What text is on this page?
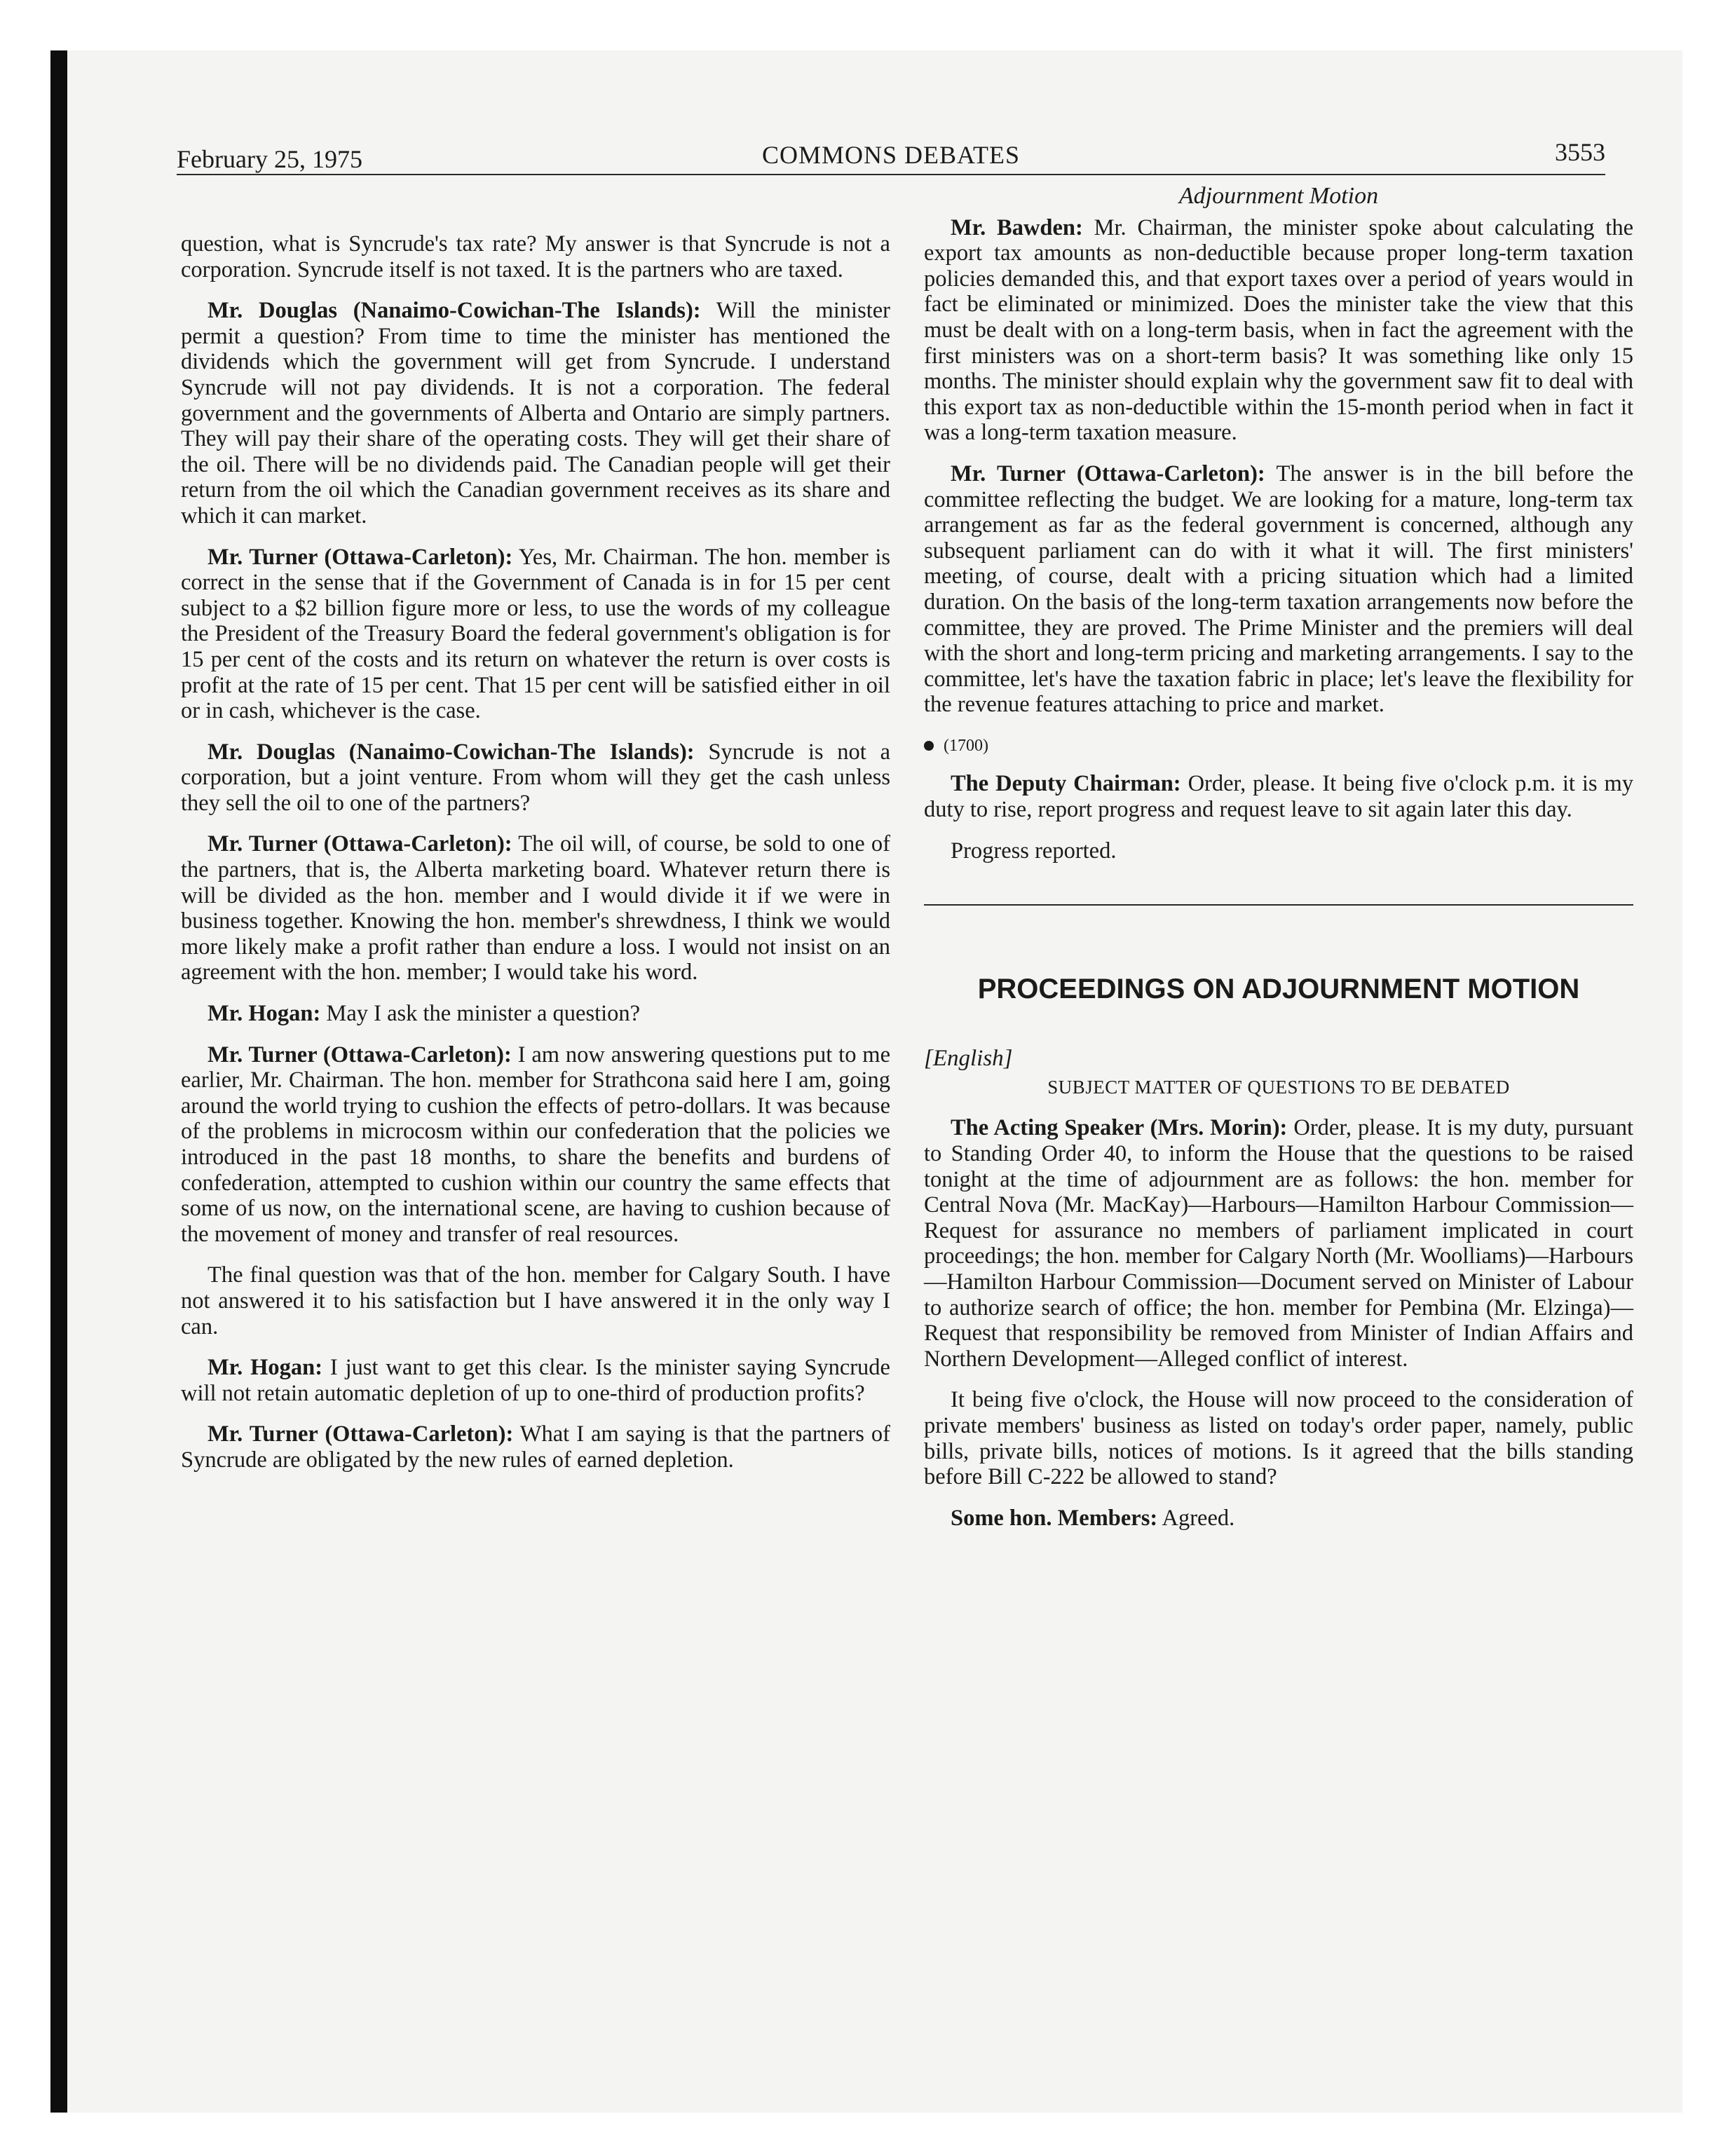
February 25, 1975	COMMONS DEBATES	3553

question, what is Syncrude's tax rate? My answer is that Syncrude is not a corporation. Syncrude itself is not taxed. It is the partners who are taxed.

Mr. Douglas (Nanaimo-Cowichan-The Islands): Will the minister permit a question? From time to time the minister has mentioned the dividends which the government will get from Syncrude. I understand Syncrude will not pay dividends. It is not a corporation. The federal government and the governments of Alberta and Ontario are simply partners. They will pay their share of the operating costs. They will get their share of the oil. There will be no dividends paid. The Canadian people will get their return from the oil which the Canadian government receives as its share and which it can market.

Mr. Turner (Ottawa-Carleton): Yes, Mr. Chairman. The hon. member is correct in the sense that if the Government of Canada is in for 15 per cent subject to a $2 billion figure more or less, to use the words of my colleague the President of the Treasury Board the federal government's obligation is for 15 per cent of the costs and its return on whatever the return is over costs is profit at the rate of 15 per cent. That 15 per cent will be satisfied either in oil or in cash, whichever is the case.

Mr. Douglas (Nanaimo-Cowichan-The Islands): Syncrude is not a corporation, but a joint venture. From whom will they get the cash unless they sell the oil to one of the partners?

Mr. Turner (Ottawa-Carleton): The oil will, of course, be sold to one of the partners, that is, the Alberta marketing board. Whatever return there is will be divided as the hon. member and I would divide it if we were in business together. Knowing the hon. member's shrewdness, I think we would more likely make a profit rather than endure a loss. I would not insist on an agreement with the hon. member; I would take his word.

Mr. Hogan: May I ask the minister a question?

Mr. Turner (Ottawa-Carleton): I am now answering questions put to me earlier, Mr. Chairman. The hon. member for Strathcona said here I am, going around the world trying to cushion the effects of petro-dollars. It was because of the problems in microcosm within our confederation that the policies we introduced in the past 18 months, to share the benefits and burdens of confederation, attempted to cushion within our country the same effects that some of us now, on the international scene, are having to cushion because of the movement of money and transfer of real resources.

The final question was that of the hon. member for Calgary South. I have not answered it to his satisfaction but I have answered it in the only way I can.

Mr. Hogan: I just want to get this clear. Is the minister saying Syncrude will not retain automatic depletion of up to one-third of production profits?

Mr. Turner (Ottawa-Carleton): What I am saying is that the partners of Syncrude are obligated by the new rules of earned depletion.

Adjournment Motion

Mr. Bawden: Mr. Chairman, the minister spoke about calculating the export tax amounts as non-deductible because proper long-term taxation policies demanded this, and that export taxes over a period of years would in fact be eliminated or minimized. Does the minister take the view that this must be dealt with on a long-term basis, when in fact the agreement with the first ministers was on a short-term basis? It was something like only 15 months. The minister should explain why the government saw fit to deal with this export tax as non-deductible within the 15-month period when in fact it was a long-term taxation measure.

Mr. Turner (Ottawa-Carleton): The answer is in the bill before the committee reflecting the budget. We are looking for a mature, long-term tax arrangement as far as the federal government is concerned, although any subsequent parliament can do with it what it will. The first ministers' meeting, of course, dealt with a pricing situation which had a limited duration. On the basis of the long-term taxation arrangements now before the committee, they are proved. The Prime Minister and the premiers will deal with the short and long-term pricing and marketing arrangements. I say to the committee, let's have the taxation fabric in place; let's leave the flexibility for the revenue features attaching to price and market.

(1700)

The Deputy Chairman: Order, please. It being five o'clock p.m. it is my duty to rise, report progress and request leave to sit again later this day.

Progress reported.

PROCEEDINGS ON ADJOURNMENT MOTION
[English]
SUBJECT MATTER OF QUESTIONS TO BE DEBATED

The Acting Speaker (Mrs. Morin): Order, please. It is my duty, pursuant to Standing Order 40, to inform the House that the questions to be raised tonight at the time of adjournment are as follows: the hon. member for Central Nova (Mr. MacKay)—Harbours—Hamilton Harbour Commission—Request for assurance no members of parliament implicated in court proceedings; the hon. member for Calgary North (Mr. Woolliams)—Harbours—Hamilton Harbour Commission—Document served on Minister of Labour to authorize search of office; the hon. member for Pembina (Mr. Elzinga)—Request that responsibility be removed from Minister of Indian Affairs and Northern Development—Alleged conflict of interest.

It being five o'clock, the House will now proceed to the consideration of private members' business as listed on today's order paper, namely, public bills, private bills, notices of motions. Is it agreed that the bills standing before Bill C-222 be allowed to stand?

Some hon. Members: Agreed.
